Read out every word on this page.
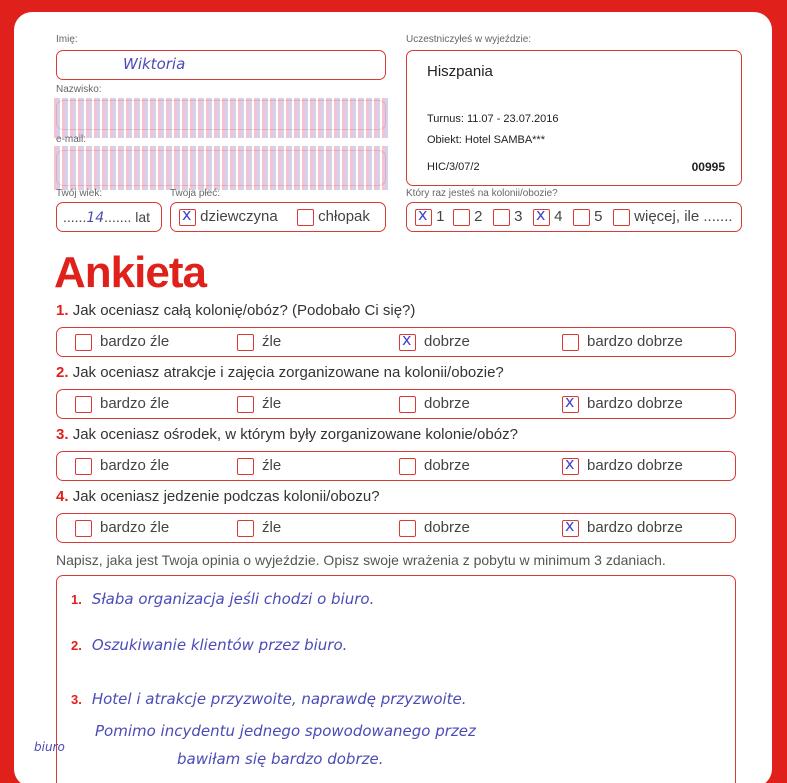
Imię:
Wiktoria
Nazwisko:
e-mail:
Twój wiek:
......14....... lat
Twoja płeć:
x dziewczyna	chłopak
Uczestniczyłeś w wyjeździe:
Hiszpania
Turnus: 11.07 - 23.07.2016
Obiekt: Hotel SAMBA***
HIC/3/07/2	00995
Który raz jesteś na kolonii/obozie?
x 1	2	3 x	4	5	więcej, ile .......
Ankieta
1. Jak oceniasz całą kolonię/obóz? (Podobało Ci się?)
bardzo źle	źle x	dobrze	bardzo dobrze
2. Jak oceniasz atrakcje i zajęcia zorganizowane na kolonii/obozie?
bardzo źle	źle	dobrze x	bardzo dobrze
3. Jak oceniasz ośrodek, w którym były zorganizowane kolonie/obóz?
bardzo źle	źle	dobrze x	bardzo dobrze
4. Jak oceniasz jedzenie podczas kolonii/obozu?
bardzo źle	źle	dobrze x	bardzo dobrze
Napisz, jaka jest Twoja opinia o wyjeździe. Opisz swoje wrażenia z pobytu w minimum 3 zdaniach.
1. Słaba organizacja jeśli chodzi o biuro.
2. Oszukiwanie klientów przez biuro.
3. Hotel i atrakcje przyzwoite, naprawdę przyzwoite.
Pomimo incydentu jednego spowodowanego przez
bawiłam się bardzo dobrze.
biuro
